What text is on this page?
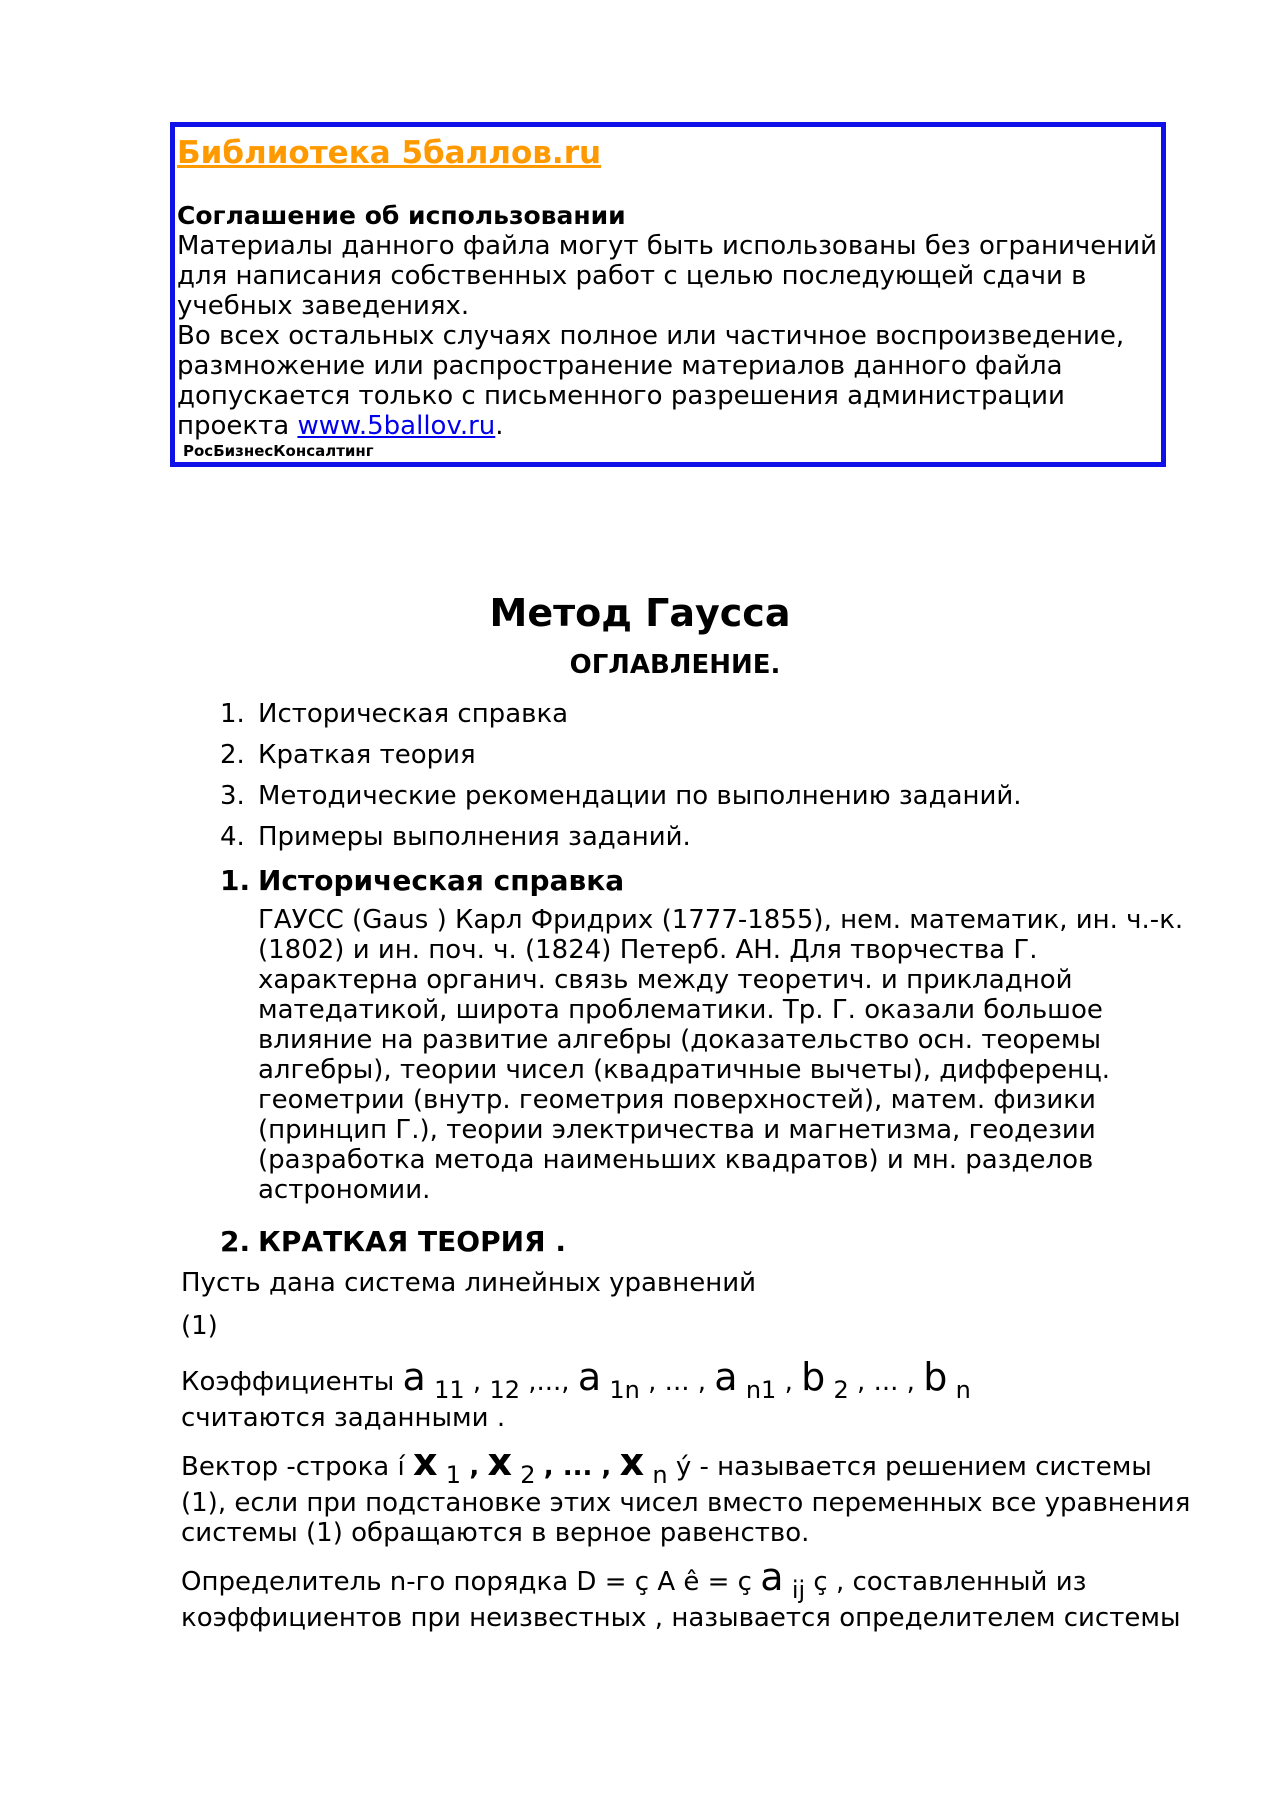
Библиотека 5баллов.ru
Соглашение об использовании
Материалы данного файла могут быть использованы без ограничений
для написания собственных работ с целью последующей сдачи в
учебных заведениях.
Во всех остальных случаях полное или частичное воспроизведение,
размножение или распространение материалов данного файла
допускается только с письменного разрешения администрации
проекта www.5ballov.ru.
РосБизнесКонсалтинг
Метод Гаусса
ОГЛАВЛЕНИЕ.
1. Историческая справка
2. Краткая теория
3. Методические рекомендации по выполнению заданий.
4. Примеры выполнения заданий.
1. Историческая справка

ГАУСС (Gaus ) Карл Фридрих (1777-1855), нем. математик, ин. ч.-к. (1802) и ин. поч. ч. (1824) Петерб. АН. Для творчества Г. характерна органич. связь между теоретич. и прикладной матедатикой, широта проблематики. Тр. Г. оказали большое влияние на развитие алгебры (доказательство осн. теоремы алгебры), теории чисел (квадратичные вычеты), дифференц. геометрии (внутр. геометрия поверхностей), матем. физики (принцип Г.), теории электричества и магнетизма, геодезии (разработка метода наименьших квадратов) и мн. разделов астрономии.

2. КРАТКАЯ ТЕОРИЯ .

Пусть дана система линейных уравнений

(1)

Коэффициенты a 11 , 12 ,..., a 1n , ... , a n1 , b 2 , ... , b n

считаются заданными .

Вектор -строка í x 1 , x 2 , ... , x n ý - называется решением системы

(1), если при подстановке этих чисел вместо переменных все уравнения

системы (1) обращаются в верное равенство.

Определитель n-го порядка D = ç A ê = ç a ij ç , составленный из

коэффициентов при неизвестных , называется определителем системы
